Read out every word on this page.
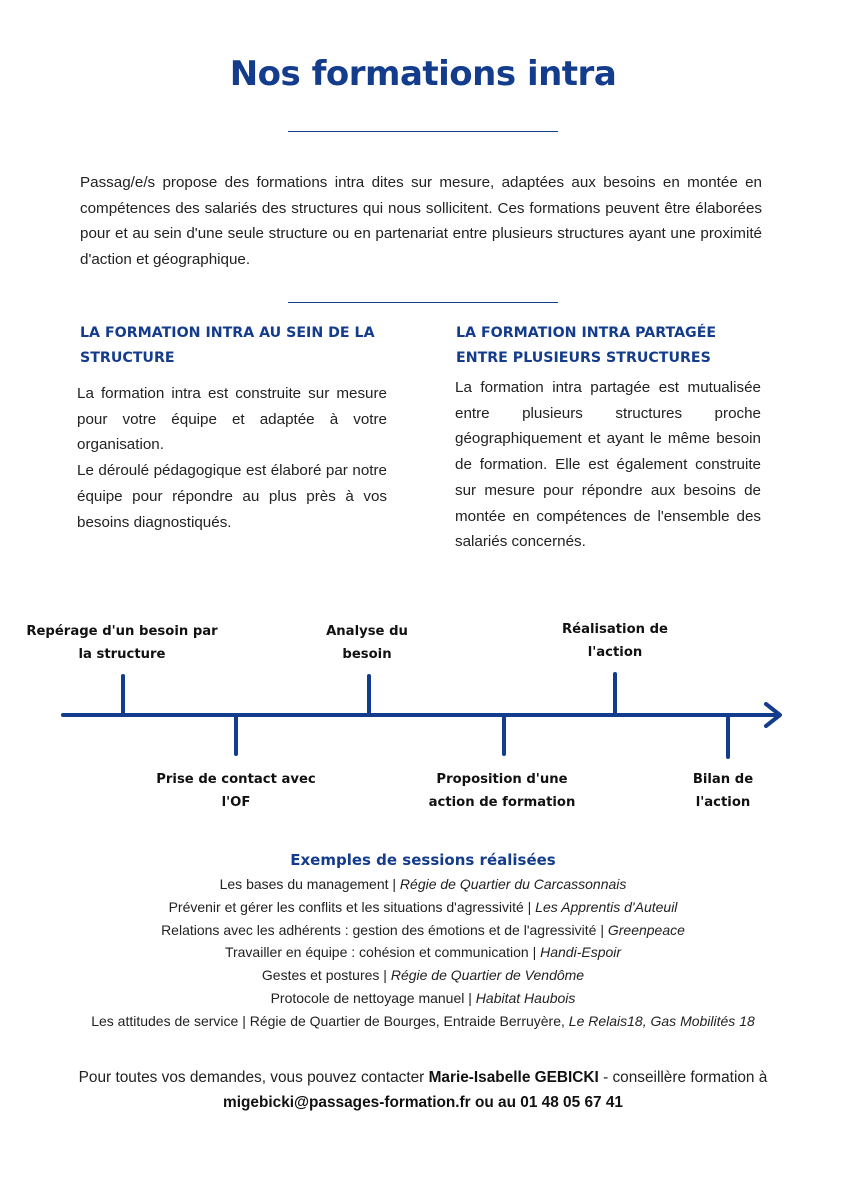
Nos formations intra

Passag/e/s propose des formations intra dites sur mesure, adaptées aux besoins en montée en compétences des salariés des structures qui nous sollicitent. Ces formations peuvent être élaborées pour et au sein d'une seule structure ou en partenariat entre plusieurs structures ayant une proximité d'action et géographique.

LA FORMATION INTRA AU SEIN DE LA STRUCTURE

La formation intra est construite sur mesure pour votre équipe et adaptée à votre organisation.

Le déroulé pédagogique est élaboré par notre équipe pour répondre au plus près à vos besoins diagnostiqués.

LA FORMATION INTRA PARTAGÉE ENTRE PLUSIEURS STRUCTURES

La formation intra partagée est mutualisée entre plusieurs structures proche géographiquement et ayant le même besoin de formation. Elle est également construite sur mesure pour répondre aux besoins de montée en compétences de l'ensemble des salariés concernés.

Repérage d'un besoin par la structure
Prise de contact avec l'OF
Analyse du besoin
Proposition d'une action de formation
Réalisation de l'action
Bilan de l'action
Exemples de sessions réalisées
Les bases du management | Régie de Quartier du Carcassonnais
Prévenir et gérer les conflits et les situations d'agressivité | Les Apprentis d'Auteuil
Relations avec les adhérents : gestion des émotions et de l'agressivité | Greenpeace
Travailler en équipe : cohésion et communication | Handi-Espoir
Gestes et postures | Régie de Quartier de Vendôme
Protocole de nettoyage manuel | Habitat Haubois
Les attitudes de service | Régie de Quartier de Bourges, Entraide Berruyère, Le Relais18, Gas Mobilités 18

Pour toutes vos demandes, vous pouvez contacter Marie-Isabelle GEBICKI - conseillère formation à migebicki@passages-formation.fr ou au 01 48 05 67 41
